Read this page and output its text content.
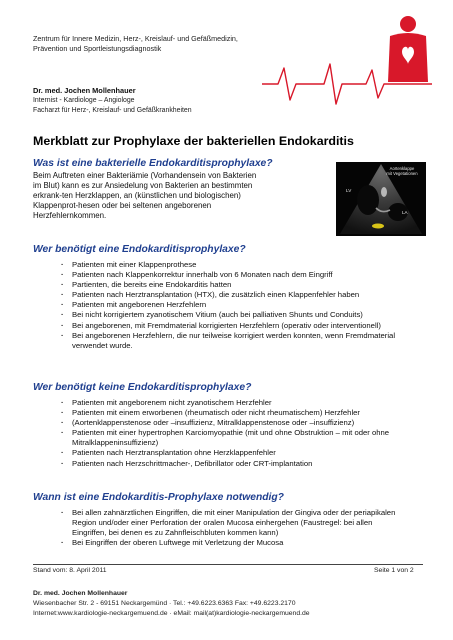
Zentrum für Innere Medizin, Herz-, Kreislauf- und Gefäßmedizin,
Prävention und Sportleistungsdiagnostik
Dr. med. Jochen Mollenhauer
Internist - Kardiologe – Angiologe
Facharzt für Herz-, Kreislauf- und Gefäßkrankheiten
Merkblatt zur Prophylaxe der bakteriellen Endokarditis
Was ist eine bakterielle Endokarditisprophylaxe?
Beim Auftreten einer Bakteriämie (Vorhandensein von Bakterien
im Blut) kann es zur Ansiedelung von Bakterien an bestimmten
erkrank-ten Herzklappen, an (künstlichen und biologischen)
Klappenprot-hesen oder bei seltenen angeborenen
Herzfehlernkommen.
Aortenklappe
mit Vegetationen
LV
LA
Wer benötigt eine Endokarditisprophylaxe?
· Patienten mit einer Klappenprothese
· Patienten nach Klappenkorrektur innerhalb von 6 Monaten nach dem Eingriff
· Partienten, die bereits eine Endokarditis hatten
· Patienten nach Herztransplantation (HTX), die zusätzlich einen Klappenfehler haben
· Patienten mit angeborenen Herzfehlern
· Bei nicht korrigiertem zyanotischem Vitium (auch bei palliativen Shunts und Conduits)
· Bei angeborenen, mit Fremdmaterial korrigierten Herzfehlern (operativ oder interventionell)
· Bei angeborenen Herzfehlern, die nur teilweise korrigiert werden konnten, wenn Fremdmaterial verwendet wurde.
Wer benötigt keine Endokarditisprophylaxe?
· Patienten mit angeborenem nicht zyanotischem Herzfehler
· Patienten mit einem erworbenen (rheumatisch oder nicht rheumatischem) Herzfehler
· (Aortenklappenstenose oder –insuffizienz, Mitralklappenstenose oder –insuffizienz)
· Patienten mit einer hypertrophen Karciomyopathie (mit und ohne Obstruktion – mit oder ohne Mitralklappeninsuffizienz)
· Patienten nach Herztransplantation ohne Herzklappenfehler
· Patienten nach Herzschrittmacher-, Defibrillator oder CRT-implantation
Wann ist eine Endokarditis-Prophylaxe notwendig?
· Bei allen zahnärztlichen Eingriffen, die mit einer Manipulation der Gingiva oder der periapikalen Region und/oder einer Perforation der oralen Mucosa einhergehen (Faustregel: bei allen Eingriffen, bei denen es zu Zahnfleischbluten kommen kann)
· Bei Eingriffen der oberen Luftwege mit Verletzung der Mucosa
Stand vom: 8. April 2011	Seite 1 von 2
Dr. med. Jochen Mollenhauer
Wiesenbacher Str. 2 - 69151 Neckargemünd · Tel.: +49.6223.6363 Fax: +49.6223.2170
Internet:www.kardiologie-neckargemuend.de · eMail: mail(at)kardiologie-neckargemuend.de
